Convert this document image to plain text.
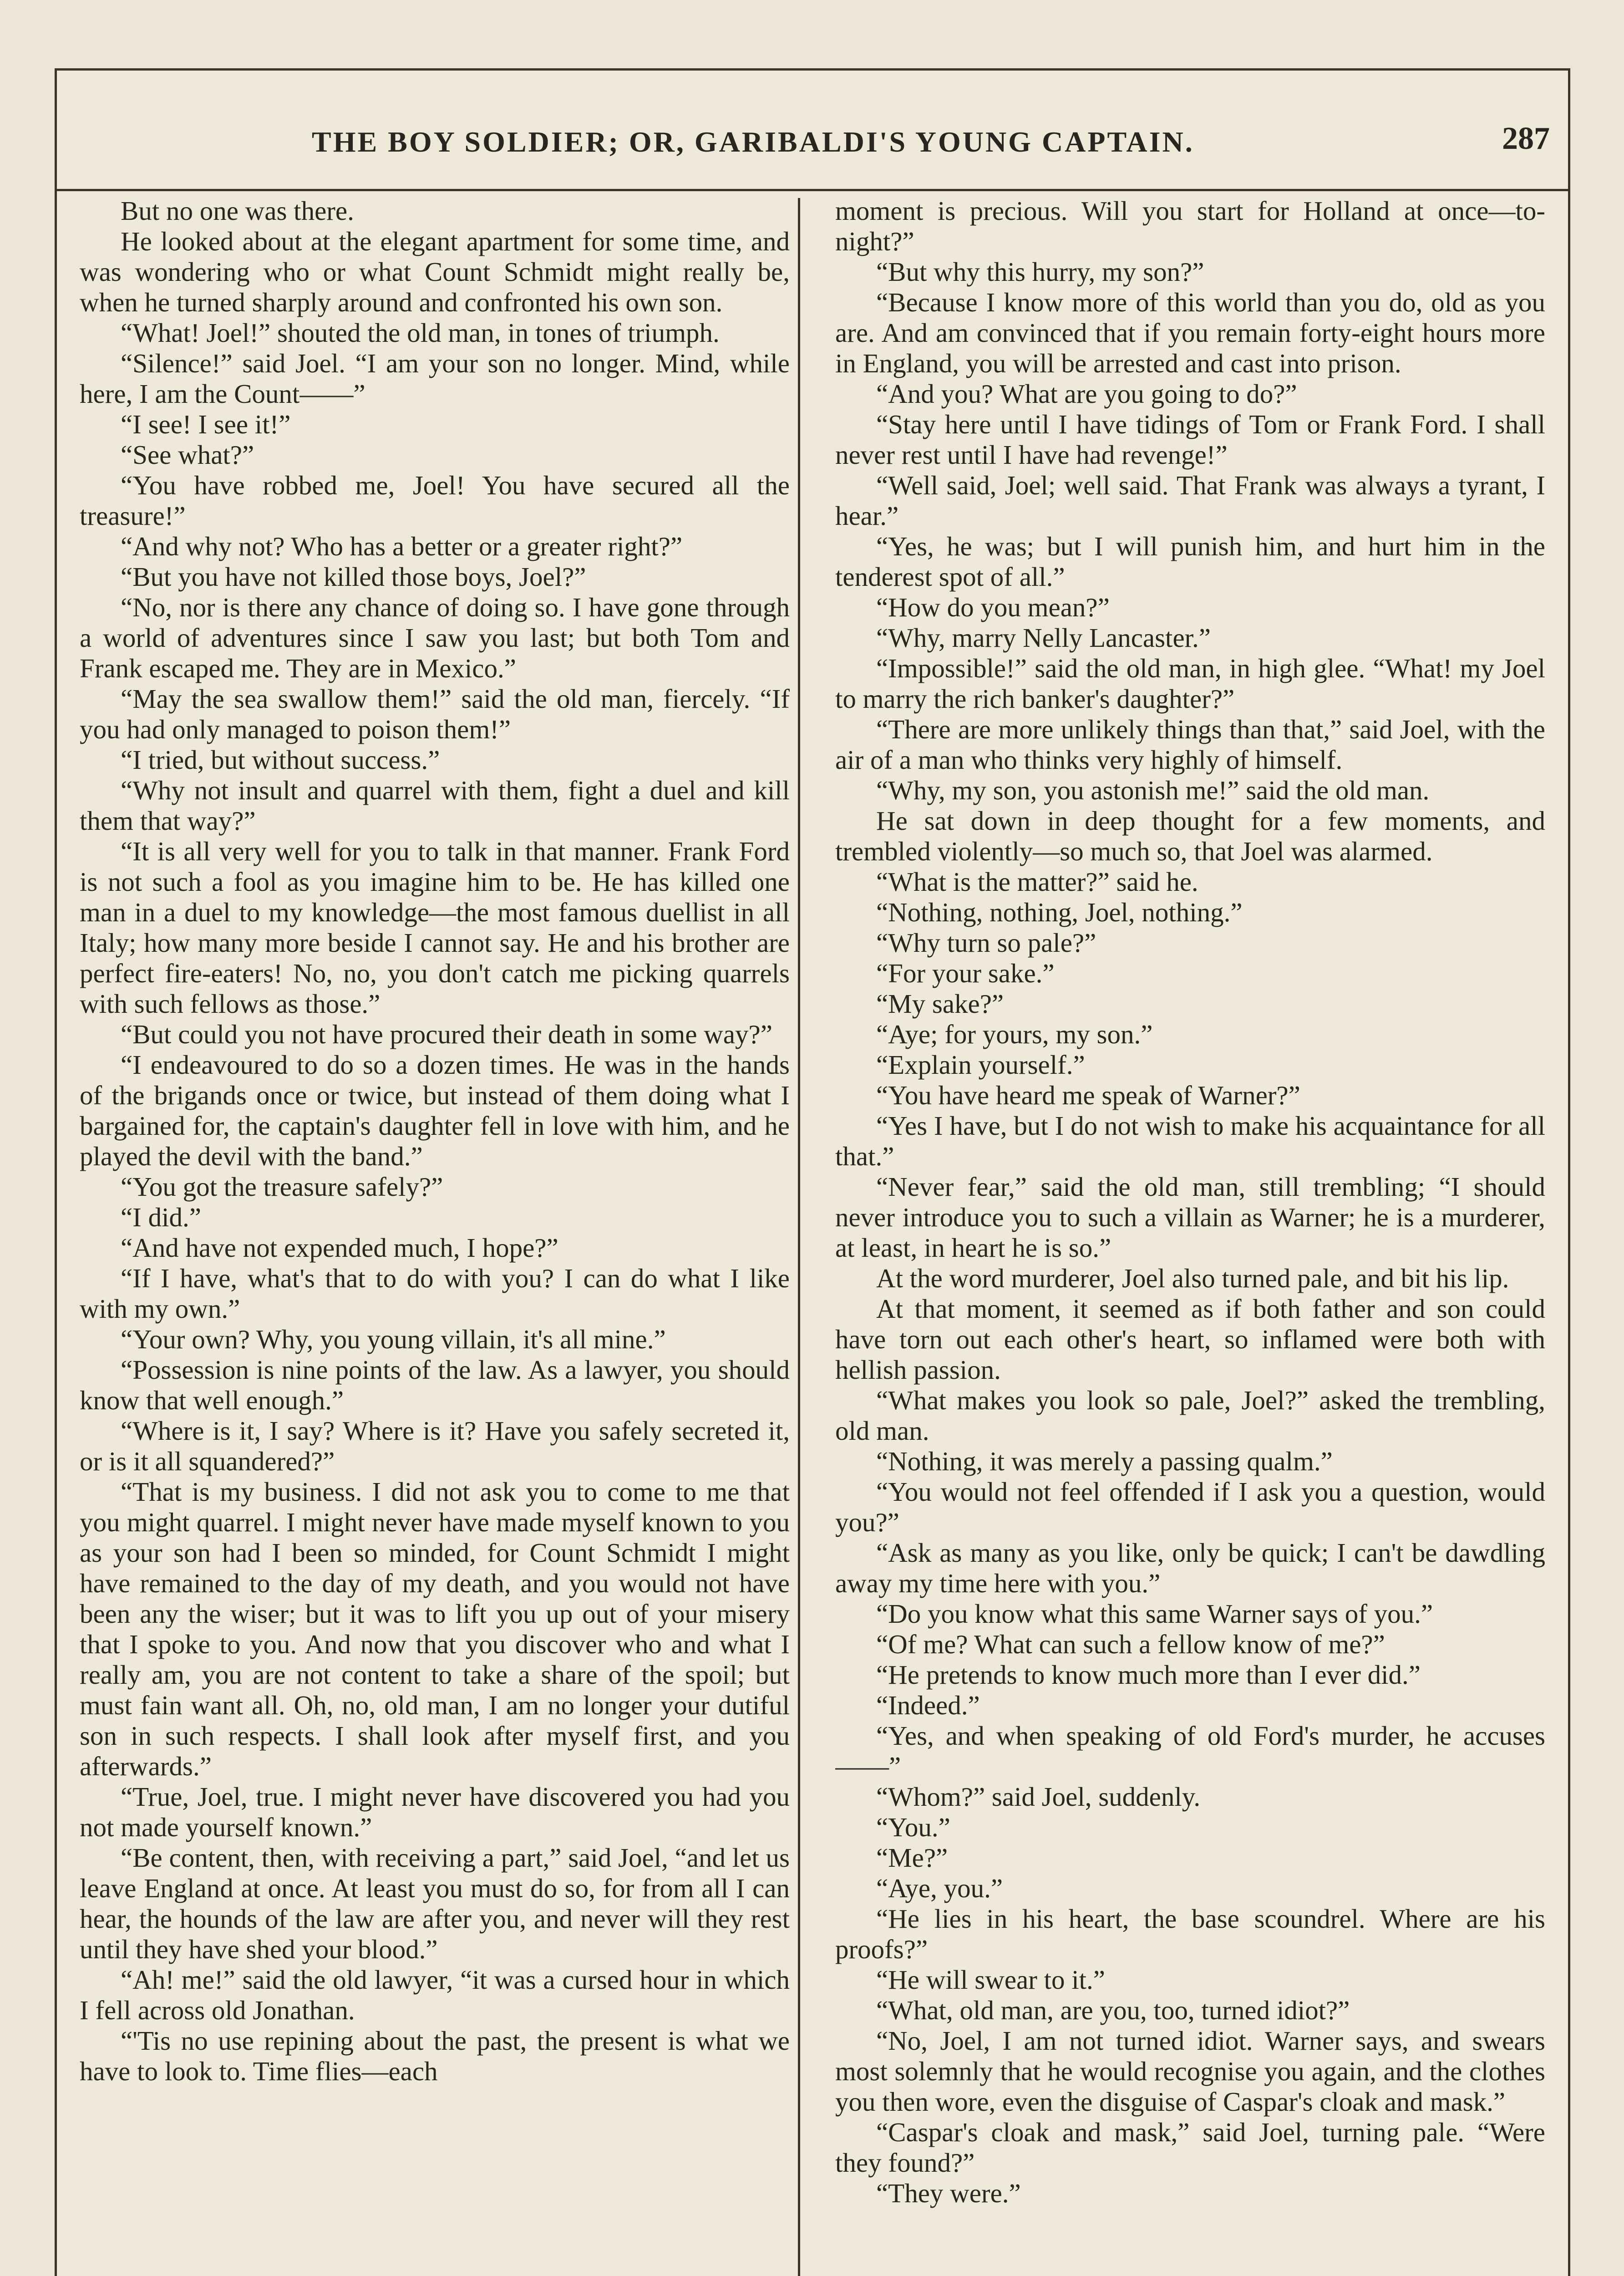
THE BOY SOLDIER; OR, GARIBALDI'S YOUNG CAPTAIN.	287

But no one was there.

He looked about at the elegant apartment for some time, and was wondering who or what Count Schmidt might really be, when he turned sharply around and confronted his own son.

“What! Joel!” shouted the old man, in tones of triumph.

“Silence!” said Joel. “I am your son no longer. Mind, while here, I am the Count——”

“I see! I see it!”

“See what?”

“You have robbed me, Joel! You have secured all the treasure!”

“And why not? Who has a better or a greater right?”

“But you have not killed those boys, Joel?”

“No, nor is there any chance of doing so. I have gone through a world of adventures since I saw you last; but both Tom and Frank escaped me. They are in Mexico.”

“May the sea swallow them!” said the old man, fiercely. “If you had only managed to poison them!”

“I tried, but without success.”

“Why not insult and quarrel with them, fight a duel and kill them that way?”

“It is all very well for you to talk in that manner. Frank Ford is not such a fool as you imagine him to be. He has killed one man in a duel to my knowledge—the most famous duellist in all Italy; how many more beside I cannot say. He and his brother are perfect fire-eaters! No, no, you don't catch me picking quarrels with such fellows as those.”

“But could you not have procured their death in some way?”

“I endeavoured to do so a dozen times. He was in the hands of the brigands once or twice, but instead of them doing what I bargained for, the captain's daughter fell in love with him, and he played the devil with the band.”

“You got the treasure safely?”

“I did.”

“And have not expended much, I hope?”

“If I have, what's that to do with you? I can do what I like with my own.”

“Your own? Why, you young villain, it's all mine.”

“Possession is nine points of the law. As a lawyer, you should know that well enough.”

“Where is it, I say? Where is it? Have you safely secreted it, or is it all squandered?”

“That is my business. I did not ask you to come to me that you might quarrel. I might never have made myself known to you as your son had I been so minded, for Count Schmidt I might have remained to the day of my death, and you would not have been any the wiser; but it was to lift you up out of your misery that I spoke to you. And now that you discover who and what I really am, you are not content to take a share of the spoil; but must fain want all. Oh, no, old man, I am no longer your dutiful son in such respects. I shall look after myself first, and you afterwards.”

“True, Joel, true. I might never have discovered you had you not made yourself known.”

“Be content, then, with receiving a part,” said Joel, “and let us leave England at once. At least you must do so, for from all I can hear, the hounds of the law are after you, and never will they rest until they have shed your blood.”

“Ah! me!” said the old lawyer, “it was a cursed hour in which I fell across old Jonathan.

“'Tis no use repining about the past, the present is what we have to look to. Time flies—each

moment is precious. Will you start for Holland at once—to-night?”

“But why this hurry, my son?”

“Because I know more of this world than you do, old as you are. And am convinced that if you remain forty-eight hours more in England, you will be arrested and cast into prison.

“And you? What are you going to do?”

“Stay here until I have tidings of Tom or Frank Ford. I shall never rest until I have had revenge!”

“Well said, Joel; well said. That Frank was always a tyrant, I hear.”

“Yes, he was; but I will punish him, and hurt him in the tenderest spot of all.”

“How do you mean?”

“Why, marry Nelly Lancaster.”

“Impossible!” said the old man, in high glee. “What! my Joel to marry the rich banker's daughter?”

“There are more unlikely things than that,” said Joel, with the air of a man who thinks very highly of himself.

“Why, my son, you astonish me!” said the old man.

He sat down in deep thought for a few moments, and trembled violently—so much so, that Joel was alarmed.

“What is the matter?” said he.

“Nothing, nothing, Joel, nothing.”

“Why turn so pale?”

“For your sake.”

“My sake?”

“Aye; for yours, my son.”

“Explain yourself.”

“You have heard me speak of Warner?”

“Yes I have, but I do not wish to make his acquaintance for all that.”

“Never fear,” said the old man, still trembling; “I should never introduce you to such a villain as Warner; he is a murderer, at least, in heart he is so.”

At the word murderer, Joel also turned pale, and bit his lip.

At that moment, it seemed as if both father and son could have torn out each other's heart, so inflamed were both with hellish passion.

“What makes you look so pale, Joel?” asked the trembling, old man.

“Nothing, it was merely a passing qualm.”

“You would not feel offended if I ask you a question, would you?”

“Ask as many as you like, only be quick; I can't be dawdling away my time here with you.”

“Do you know what this same Warner says of you.”

“Of me? What can such a fellow know of me?”

“He pretends to know much more than I ever did.”

“Indeed.”

“Yes, and when speaking of old Ford's murder, he accuses——”

“Whom?” said Joel, suddenly.

“You.”

“Me?”

“Aye, you.”

“He lies in his heart, the base scoundrel. Where are his proofs?”

“He will swear to it.”

“What, old man, are you, too, turned idiot?”

“No, Joel, I am not turned idiot. Warner says, and swears most solemnly that he would recognise you again, and the clothes you then wore, even the disguise of Caspar's cloak and mask.”

“Caspar's cloak and mask,” said Joel, turning pale. “Were they found?”

“They were.”
